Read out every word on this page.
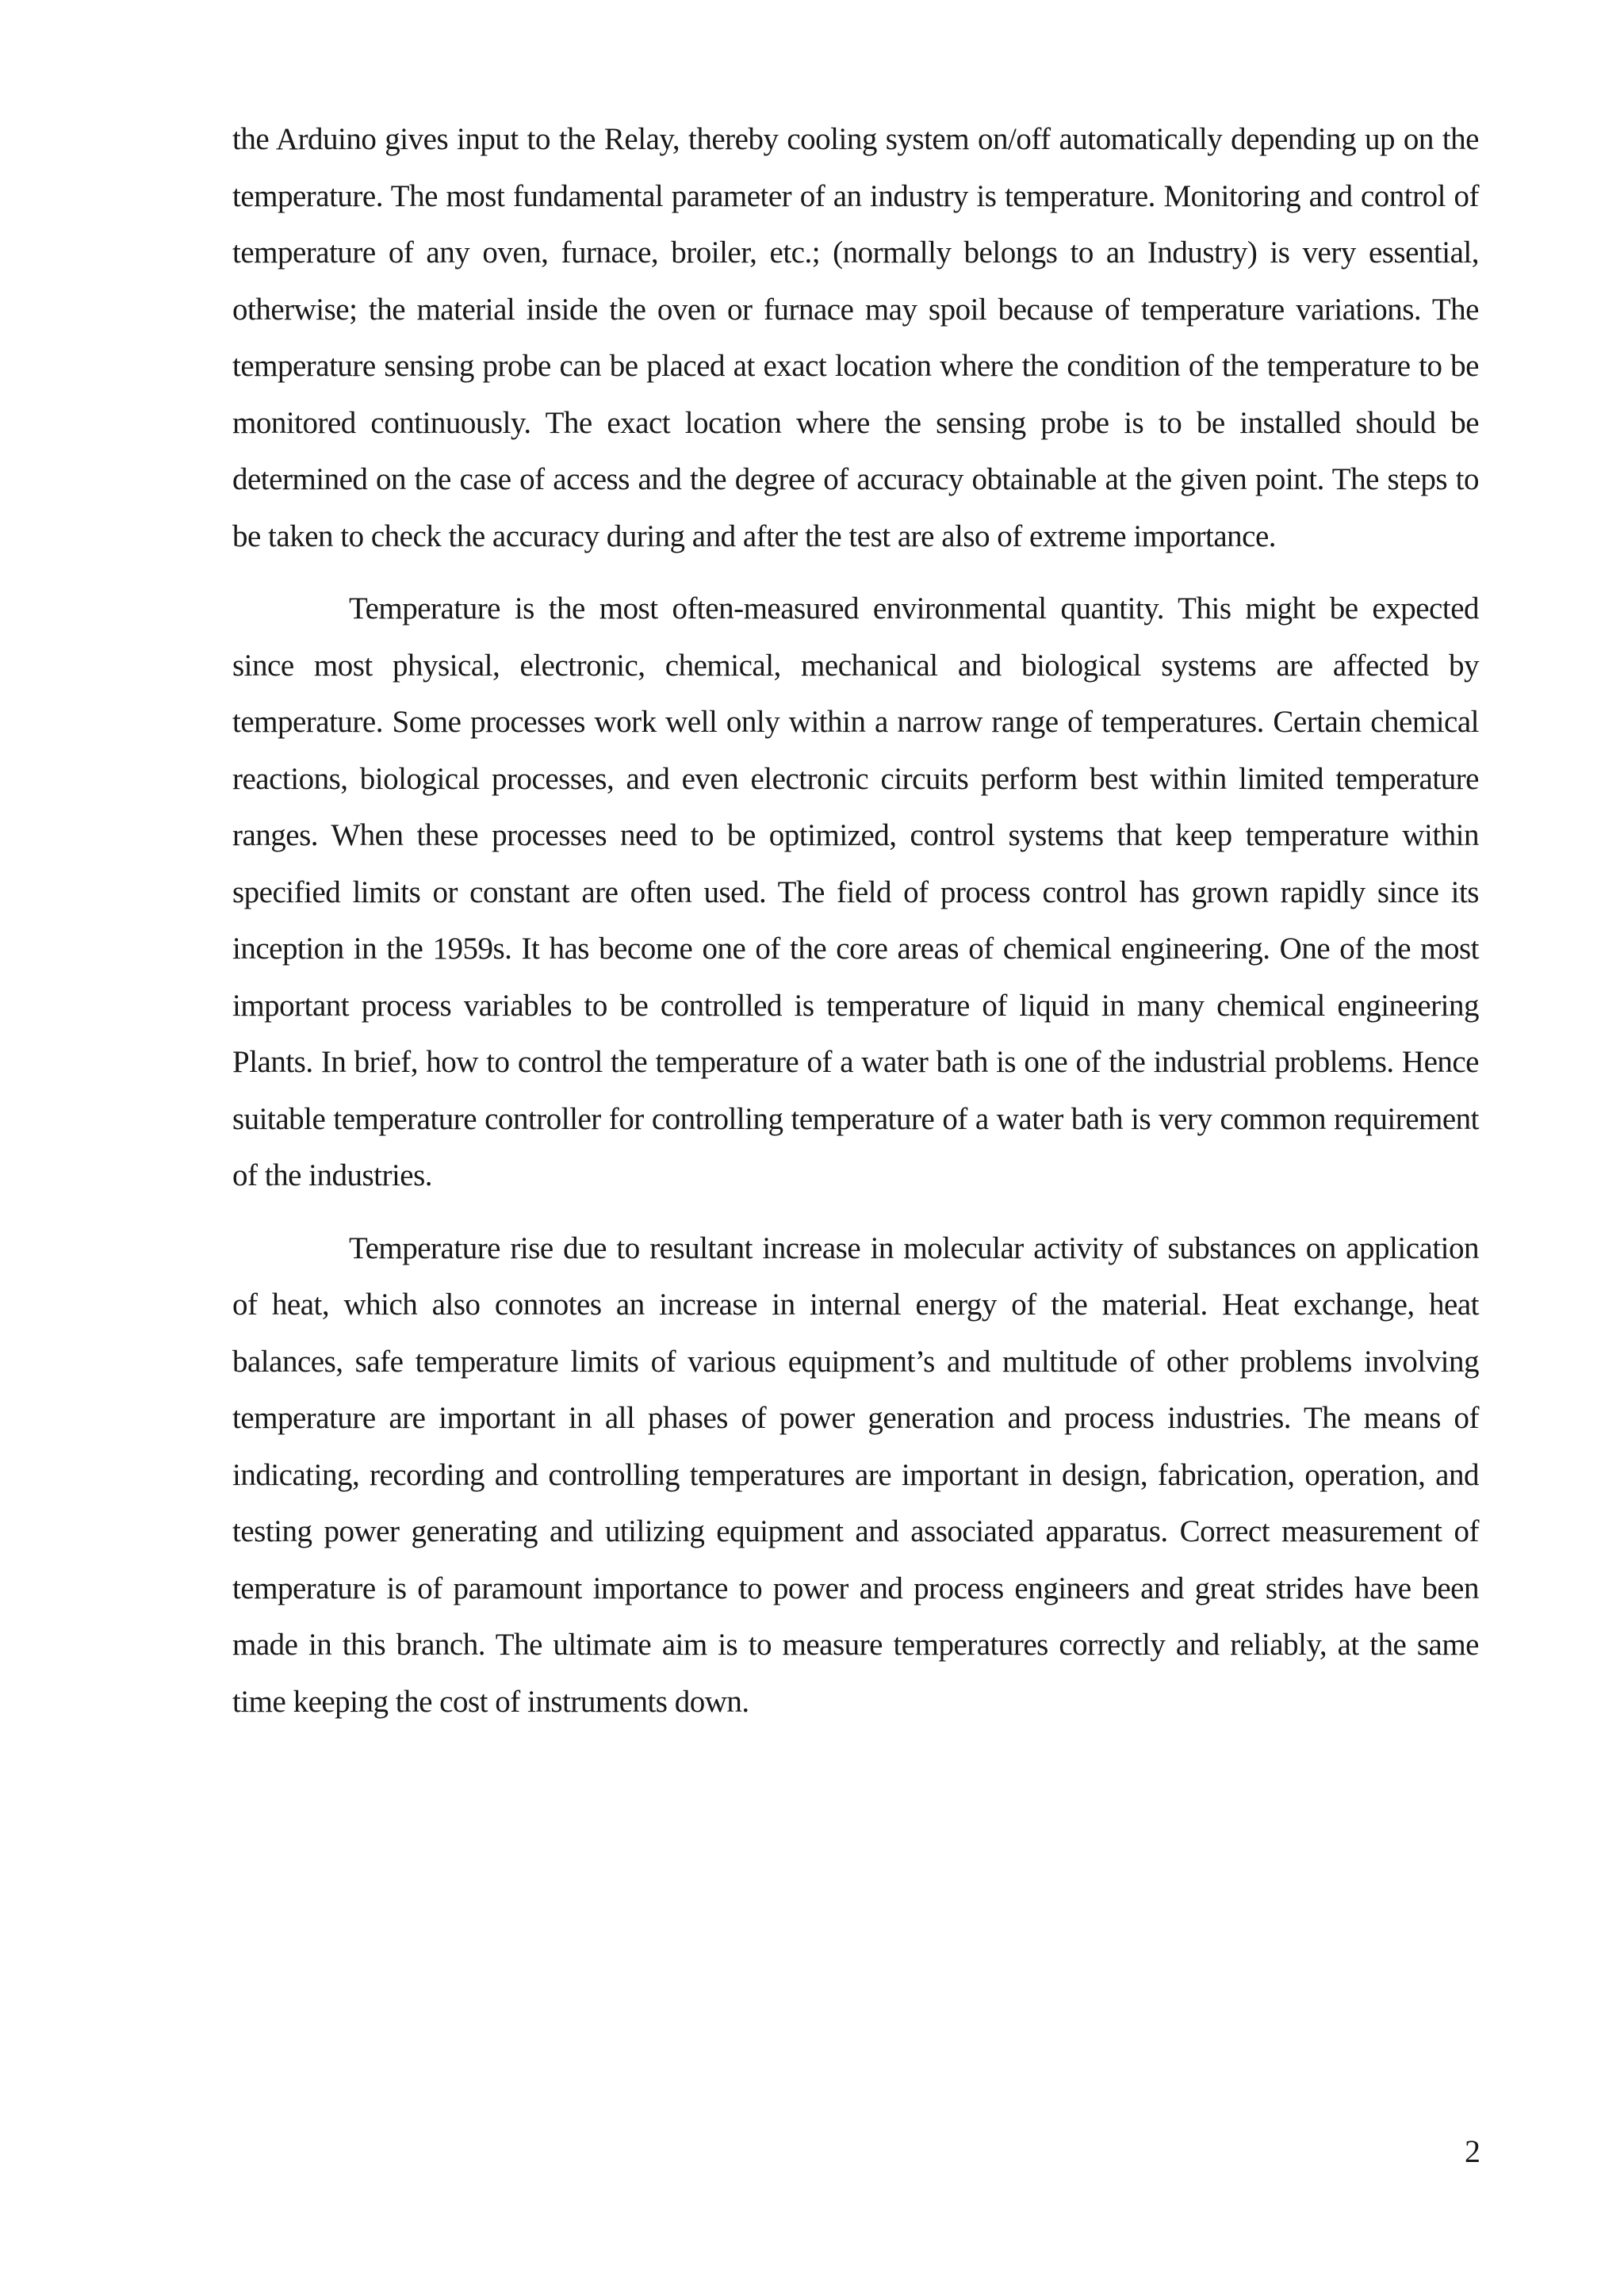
the Arduino gives input to the Relay, thereby cooling system on/off automatically depending up on the temperature. The most fundamental parameter of an industry is temperature. Monitoring and control of temperature of any oven, furnace, broiler, etc.; (normally belongs to an Industry) is very essential, otherwise; the material inside the oven or furnace may spoil because of temperature variations. The temperature sensing probe can be placed at exact location where the condition of the temperature to be monitored continuously. The exact location where the sensing probe is to be installed should be determined on the case of access and the degree of accuracy obtainable at the given point. The steps to be taken to check the accuracy during and after the test are also of extreme importance.

Temperature is the most often-measured environmental quantity. This might be expected since most physical, electronic, chemical, mechanical and biological systems are affected by temperature. Some processes work well only within a narrow range of temperatures. Certain chemical reactions, biological processes, and even electronic circuits perform best within limited temperature ranges. When these processes need to be optimized, control systems that keep temperature within specified limits or constant are often used. The field of process control has grown rapidly since its inception in the 1959s. It has become one of the core areas of chemical engineering. One of the most important process variables to be controlled is temperature of liquid in many chemical engineering Plants. In brief, how to control the temperature of a water bath is one of the industrial problems. Hence suitable temperature controller for controlling temperature of a water bath is very common requirement of the industries.

Temperature rise due to resultant increase in molecular activity of substances on application of heat, which also connotes an increase in internal energy of the material. Heat exchange, heat balances, safe temperature limits of various equipment’s and multitude of other problems involving temperature are important in all phases of power generation and process industries. The means of indicating, recording and controlling temperatures are important in design, fabrication, operation, and testing power generating and utilizing equipment and associated apparatus. Correct measurement of temperature is of paramount importance to power and process engineers and great strides have been made in this branch. The ultimate aim is to measure temperatures correctly and reliably, at the same time keeping the cost of instruments down.

2
